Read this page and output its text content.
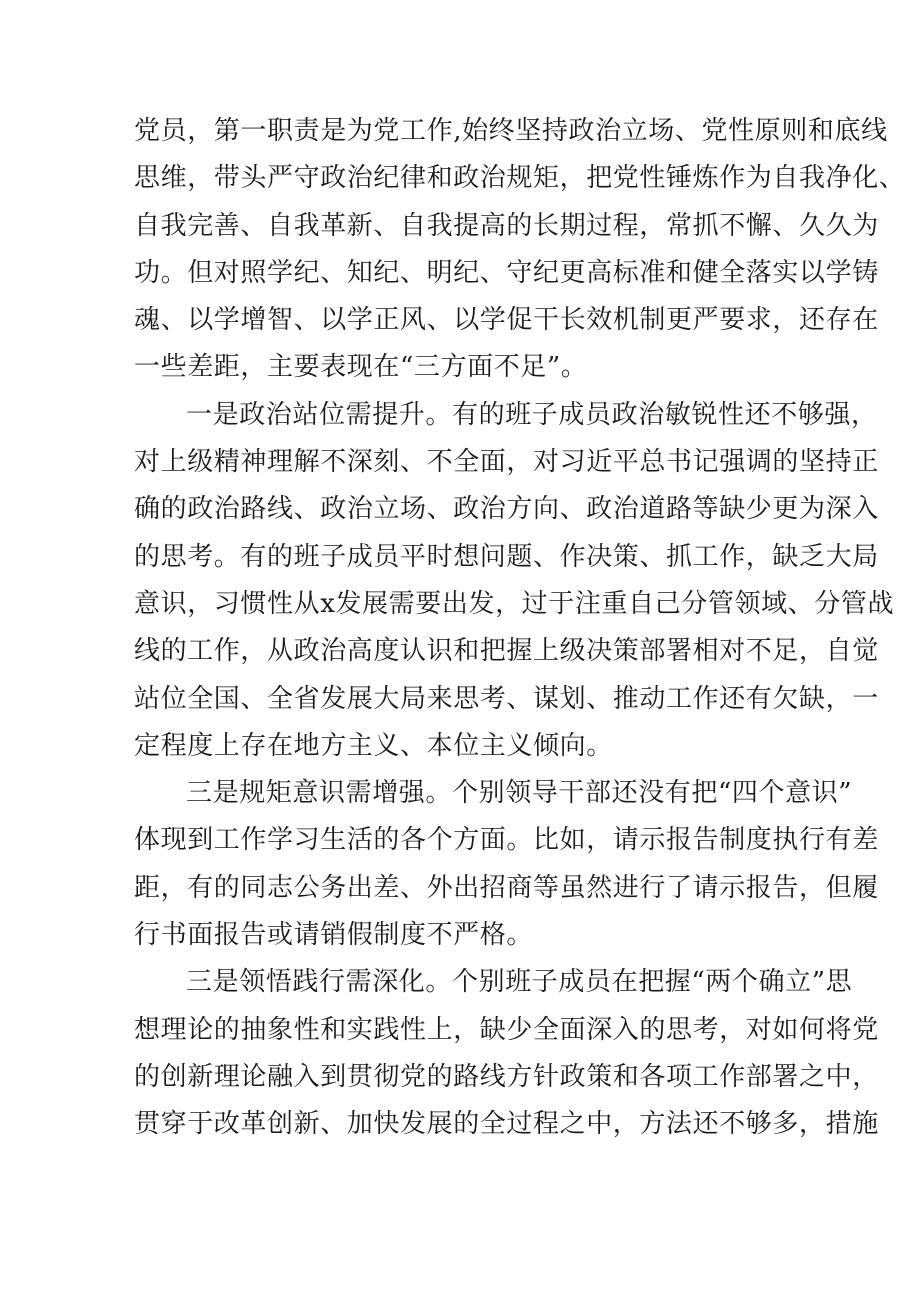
党员，第一职责是为党工作,始终坚持政治立场、党性原则和底线
思维，带头严守政治纪律和政治规矩，把党性锤炼作为自我净化、
自我完善、自我革新、自我提高的长期过程，常抓不懈、久久为
功。但对照学纪、知纪、明纪、守纪更高标准和健全落实以学铸
魂、以学增智、以学正风、以学促干长效机制更严要求，还存在
一些差距，主要表现在“三方面不足”。
一是政治站位需提升。有的班子成员政治敏锐性还不够强，
对上级精神理解不深刻、不全面，对习近平总书记强调的坚持正
确的政治路线、政治立场、政治方向、政治道路等缺少更为深入
的思考。有的班子成员平时想问题、作决策、抓工作，缺乏大局
意识，习惯性从x发展需要出发，过于注重自己分管领域、分管战
线的工作，从政治高度认识和把握上级决策部署相对不足，自觉
站位全国、全省发展大局来思考、谋划、推动工作还有欠缺，一
定程度上存在地方主义、本位主义倾向。
三是规矩意识需增强。个别领导干部还没有把“四个意识”
体现到工作学习生活的各个方面。比如，请示报告制度执行有差
距，有的同志公务出差、外出招商等虽然进行了请示报告，但履
行书面报告或请销假制度不严格。
三是领悟践行需深化。个别班子成员在把握“两个确立”思
想理论的抽象性和实践性上，缺少全面深入的思考，对如何将党
的创新理论融入到贯彻党的路线方针政策和各项工作部署之中，
贯穿于改革创新、加快发展的全过程之中，方法还不够多，措施
